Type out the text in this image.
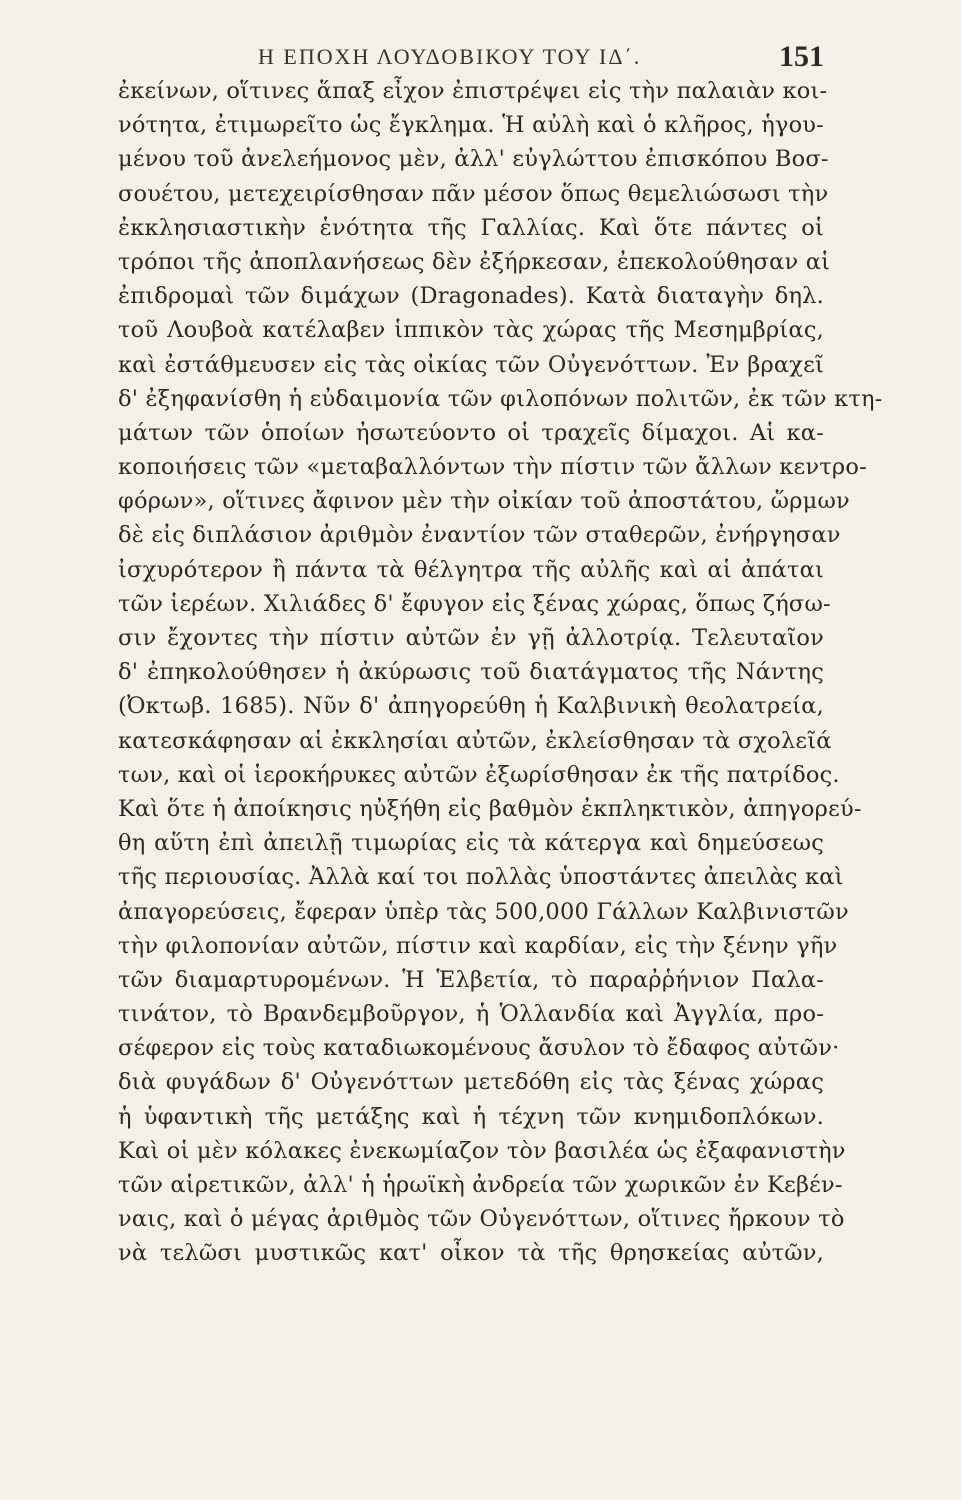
Η ΕΠΟΧΗ ΛΟΥΔΟΒΙΚΟΥ ΤΟΥ ΙΔ΄.	151
ἐκείνων, οἵτινες ἅπαξ εἶχον ἐπιστρέψει εἰς τὴν παλαιὰν κοι-
νότητα, ἐτιμωρεῖτο ὡς ἔγκλημα. Ἡ αὐλὴ καὶ ὁ κλῆρος, ἡγου-
μένου τοῦ ἀνελεήμονος μὲν, ἀλλ' εὐγλώττου ἐπισκόπου Βοσ-
σουέτου, μετεχειρίσθησαν πᾶν μέσον ὅπως θεμελιώσωσι τὴν
ἐκκλησιαστικὴν ἑνότητα τῆς Γαλλίας. Καὶ ὅτε πάντες οἱ
τρόποι τῆς ἀποπλανήσεως δὲν ἐξήρκεσαν, ἐπεκολούθησαν αἱ
ἐπιδρομαὶ τῶν διμάχων (Dragonades). Κατὰ διαταγὴν δηλ.
τοῦ Λουβοὰ κατέλαβεν ἱππικὸν τὰς χώρας τῆς Μεσημβρίας,
καὶ ἐστάθμευσεν εἰς τὰς οἰκίας τῶν Οὐγενόττων. Ἐν βραχεῖ
δ' ἐξηφανίσθη ἡ εὐδαιμονία τῶν φιλοπόνων πολιτῶν, ἐκ τῶν κτη-
μάτων τῶν ὁποίων ἠσωτεύοντο οἱ τραχεῖς δίμαχοι. Αἱ κα-
κοποιήσεις τῶν «μεταβαλλόντων τὴν πίστιν τῶν ἄλλων κεντρο-
φόρων», οἵτινες ἄφινον μὲν τὴν οἰκίαν τοῦ ἀποστάτου, ὥρμων
δὲ εἰς διπλάσιον ἀριθμὸν ἐναντίον τῶν σταθερῶν, ἐνήργησαν
ἰσχυρότερον ἢ πάντα τὰ θέλγητρα τῆς αὐλῆς καὶ αἱ ἀπάται
τῶν ἱερέων. Χιλιάδες δ' ἔφυγον εἰς ξένας χώρας, ὅπως ζήσω-
σιν ἔχοντες τὴν πίστιν αὐτῶν ἐν γῇ ἀλλοτρίᾳ. Τελευταῖον
δ' ἐπηκολούθησεν ἡ ἀκύρωσις τοῦ διατάγματος τῆς Νάντης
(Ὀκτωβ. 1685). Νῦν δ' ἀπηγορεύθη ἡ Καλβινικὴ θεολατρεία,
κατεσκάφησαν αἱ ἐκκλησίαι αὐτῶν, ἐκλείσθησαν τὰ σχολεῖά
των, καὶ οἱ ἱεροκήρυκες αὐτῶν ἐξωρίσθησαν ἐκ τῆς πατρίδος.
Καὶ ὅτε ἡ ἀποίκησις ηὐξήθη εἰς βαθμὸν ἐκπληκτικὸν, ἀπηγορεύ-
θη αὕτη ἐπὶ ἀπειλῇ τιμωρίας εἰς τὰ κάτεργα καὶ δημεύσεως
τῆς περιουσίας. Ἀλλὰ καί τοι πολλὰς ὑποστάντες ἀπειλὰς καὶ
ἀπαγορεύσεις, ἔφεραν ὑπὲρ τὰς 500,000 Γάλλων Καλβινιστῶν
τὴν φιλοπονίαν αὐτῶν, πίστιν καὶ καρδίαν, εἰς τὴν ξένην γῆν
τῶν διαμαρτυρομένων. Ἡ Ἑλβετία, τὸ παραῤῥήνιον Παλα-
τινάτον, τὸ Βρανδεμβοῦργον, ἡ Ὁλλανδία καὶ Ἀγγλία, προ-
σέφερον εἰς τοὺς καταδιωκομένους ἄσυλον τὸ ἔδαφος αὐτῶν·
διὰ φυγάδων δ' Οὐγενόττων μετεδόθη εἰς τὰς ξένας χώρας
ἡ ὑφαντικὴ τῆς μετάξης καὶ ἡ τέχνη τῶν κνημιδοπλόκων.
Καὶ οἱ μὲν κόλακες ἐνεκωμίαζον τὸν βασιλέα ὡς ἐξαφανιστὴν
τῶν αἱρετικῶν, ἀλλ' ἡ ἡρωϊκὴ ἀνδρεία τῶν χωρικῶν ἐν Κεβέν-
ναις, καὶ ὁ μέγας ἀριθμὸς τῶν Οὐγενόττων, οἵτινες ἤρκουν τὸ
νὰ τελῶσι μυστικῶς κατ' οἶκον τὰ τῆς θρησκείας αὐτῶν,
